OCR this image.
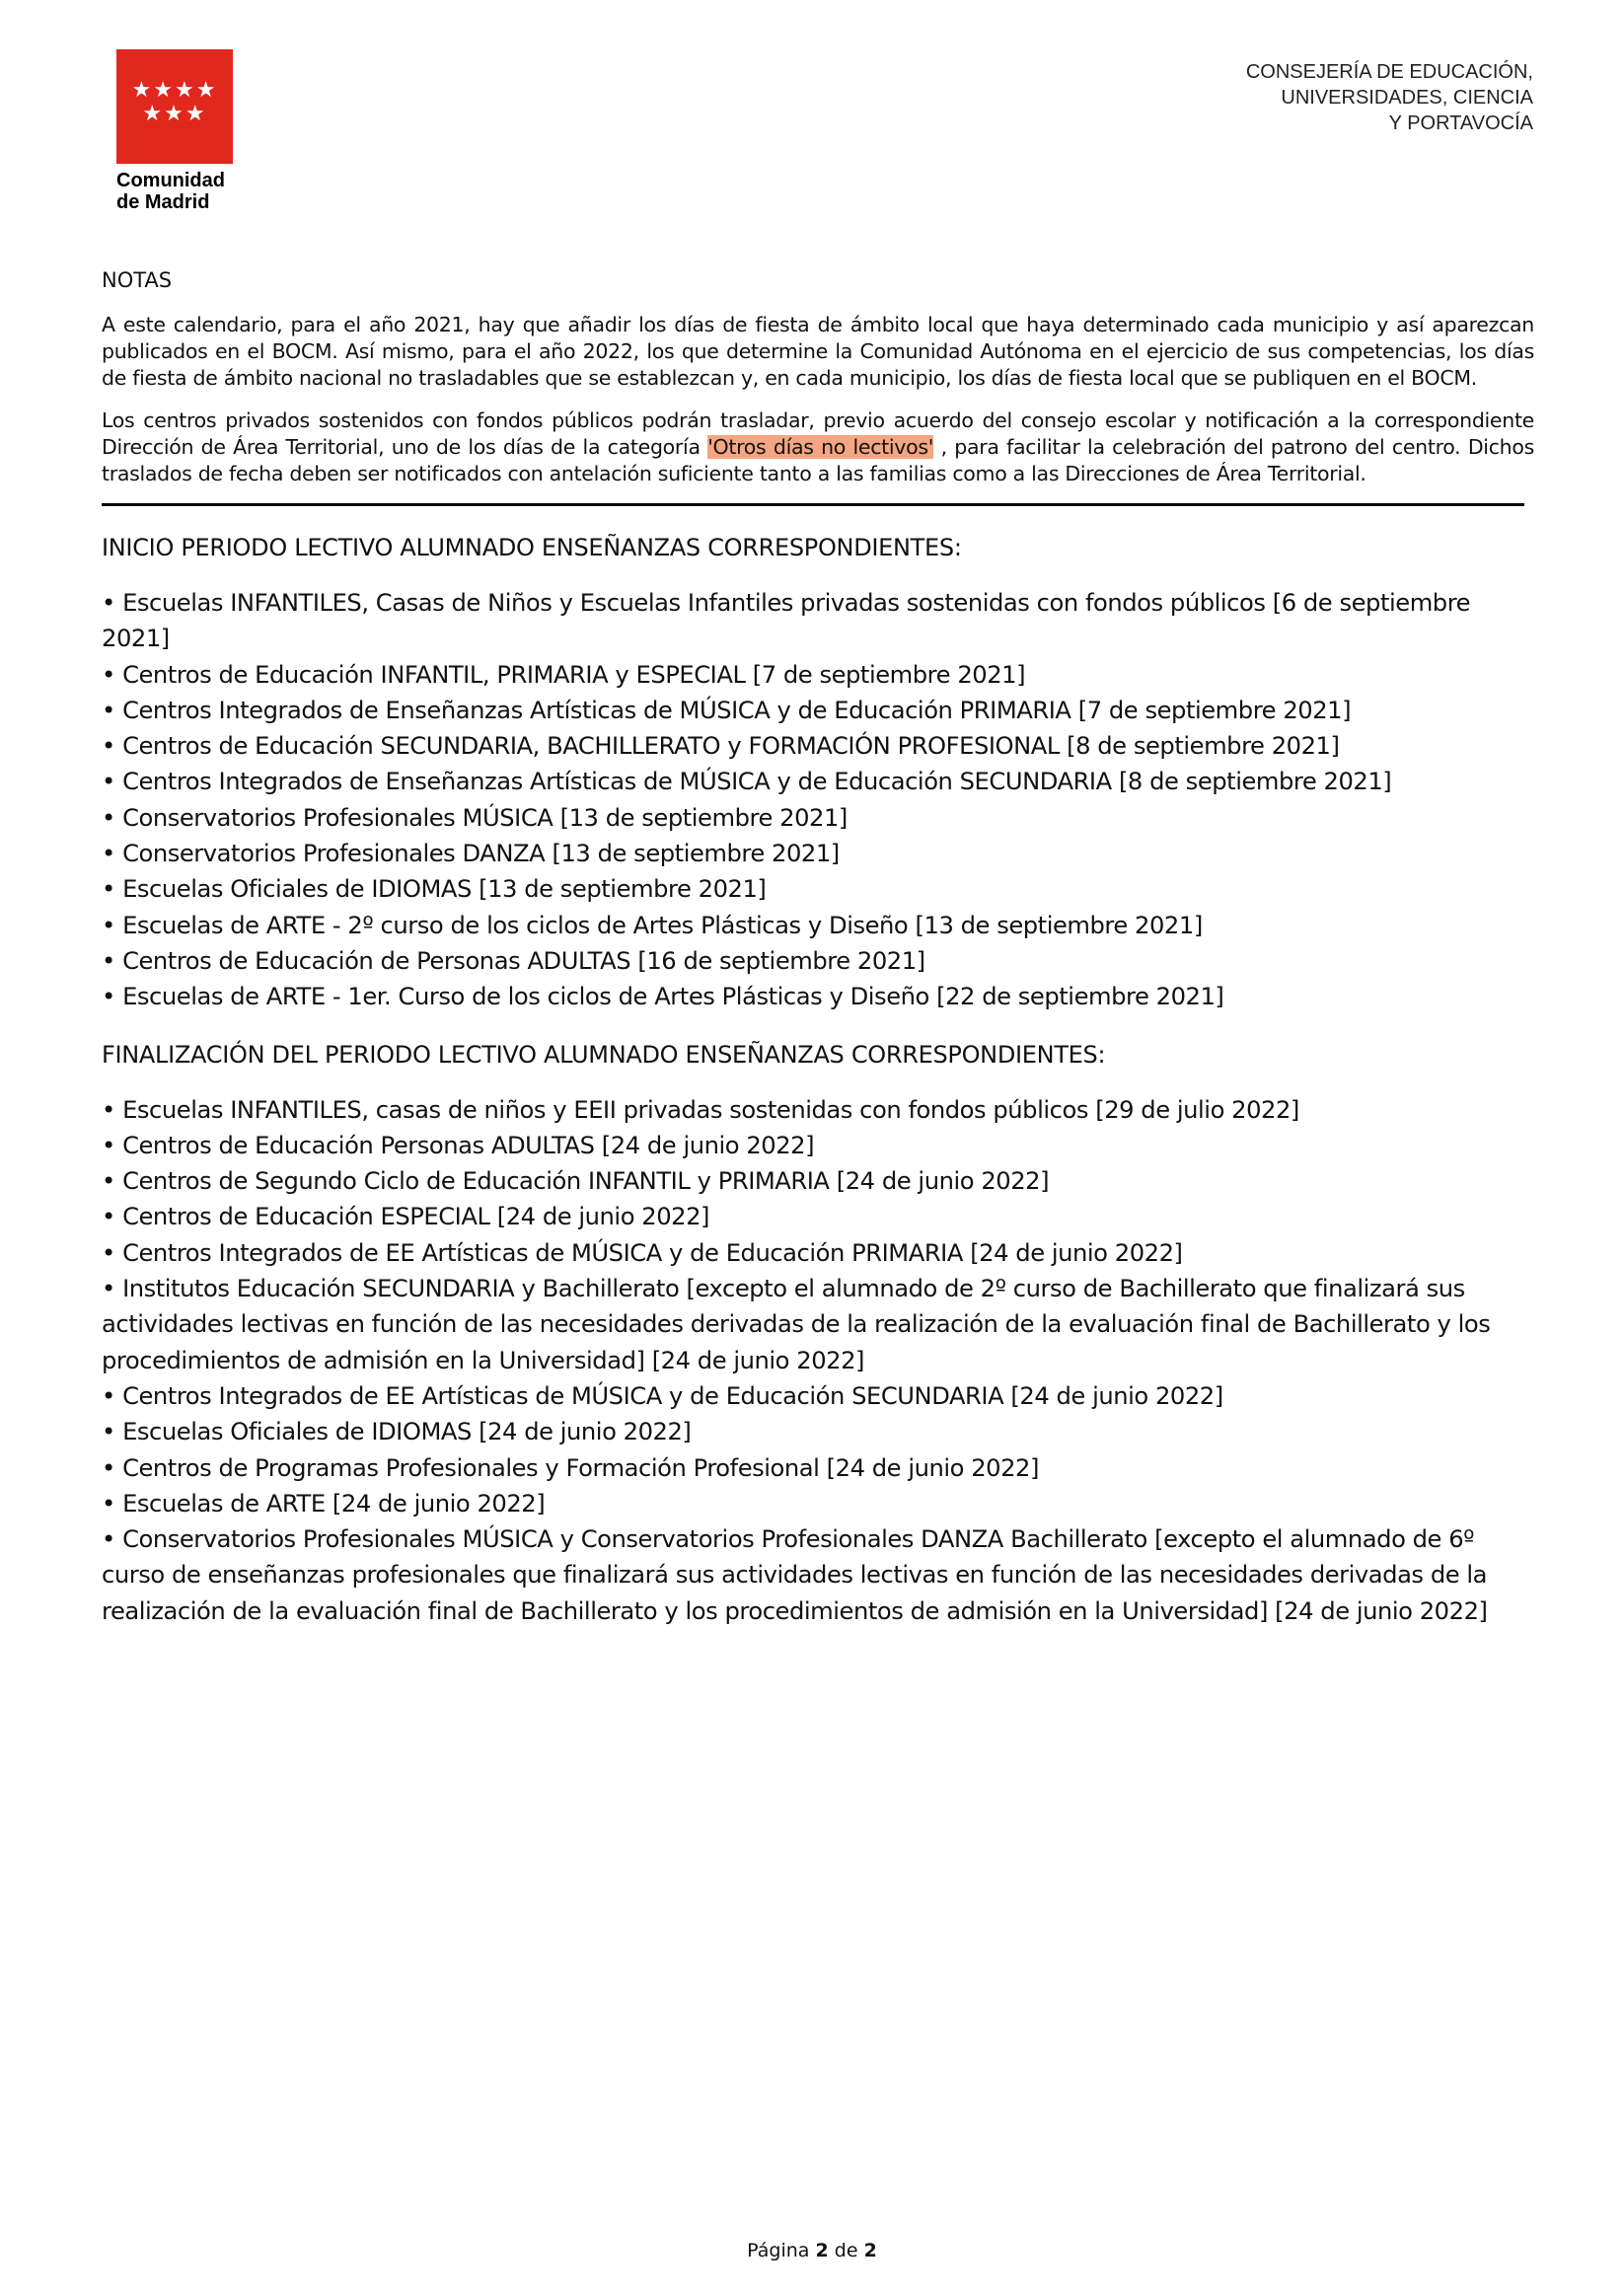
★★★★
★★★
Comunidad
de Madrid
CONSEJERÍA DE EDUCACIÓN,
UNIVERSIDADES, CIENCIA
Y PORTAVOCÍA
NOTAS

A este calendario, para el año 2021, hay que añadir los días de fiesta de ámbito local que haya determinado cada municipio y así aparezcan publicados en el BOCM. Así mismo, para el año 2022, los que determine la Comunidad Autónoma en el ejercicio de sus competencias, los días de fiesta de ámbito nacional no trasladables que se establezcan y, en cada municipio, los días de fiesta local que se publiquen en el BOCM.

Los centros privados sostenidos con fondos públicos podrán trasladar, previo acuerdo del consejo escolar y notificación a la correspondiente Dirección de Área Territorial, uno de los días de la categoría 'Otros días no lectivos' , para facilitar la celebración del patrono del centro. Dichos traslados de fecha deben ser notificados con antelación suficiente tanto a las familias como a las Direcciones de Área Territorial.

INICIO PERIODO LECTIVO ALUMNADO ENSEÑANZAS CORRESPONDIENTES:
• Escuelas INFANTILES, Casas de Niños y Escuelas Infantiles privadas sostenidas con fondos públicos [6 de septiembre 2021]
• Centros de Educación INFANTIL, PRIMARIA y ESPECIAL [7 de septiembre 2021]
• Centros Integrados de Enseñanzas Artísticas de MÚSICA y de Educación PRIMARIA [7 de septiembre 2021]
• Centros de Educación SECUNDARIA, BACHILLERATO y FORMACIÓN PROFESIONAL [8 de septiembre 2021]
• Centros Integrados de Enseñanzas Artísticas de MÚSICA y de Educación SECUNDARIA [8 de septiembre 2021]
• Conservatorios Profesionales MÚSICA [13 de septiembre 2021]
• Conservatorios Profesionales DANZA [13 de septiembre 2021]
• Escuelas Oficiales de IDIOMAS [13 de septiembre 2021]
• Escuelas de ARTE - 2º curso de los ciclos de Artes Plásticas y Diseño [13 de septiembre 2021]
• Centros de Educación de Personas ADULTAS [16 de septiembre 2021]
• Escuelas de ARTE - 1er. Curso de los ciclos de Artes Plásticas y Diseño [22 de septiembre 2021]
FINALIZACIÓN DEL PERIODO LECTIVO ALUMNADO ENSEÑANZAS CORRESPONDIENTES:
• Escuelas INFANTILES, casas de niños y EEII privadas sostenidas con fondos públicos [29 de julio 2022]
• Centros de Educación Personas ADULTAS [24 de junio 2022]
• Centros de Segundo Ciclo de Educación INFANTIL y PRIMARIA [24 de junio 2022]
• Centros de Educación ESPECIAL [24 de junio 2022]
• Centros Integrados de EE Artísticas de MÚSICA y de Educación PRIMARIA [24 de junio 2022]
• Institutos Educación SECUNDARIA y Bachillerato [excepto el alumnado de 2º curso de Bachillerato que finalizará sus actividades lectivas en función de las necesidades derivadas de la realización de la evaluación final de Bachillerato y los procedimientos de admisión en la Universidad] [24 de junio 2022]
• Centros Integrados de EE Artísticas de MÚSICA y de Educación SECUNDARIA [24 de junio 2022]
• Escuelas Oficiales de IDIOMAS [24 de junio 2022]
• Centros de Programas Profesionales y Formación Profesional [24 de junio 2022]
• Escuelas de ARTE [24 de junio 2022]
• Conservatorios Profesionales MÚSICA y Conservatorios Profesionales DANZA Bachillerato [excepto el alumnado de 6º curso de enseñanzas profesionales que finalizará sus actividades lectivas en función de las necesidades derivadas de la realización de la evaluación final de Bachillerato y los procedimientos de admisión en la Universidad] [24 de junio 2022]
Página 2 de 2
